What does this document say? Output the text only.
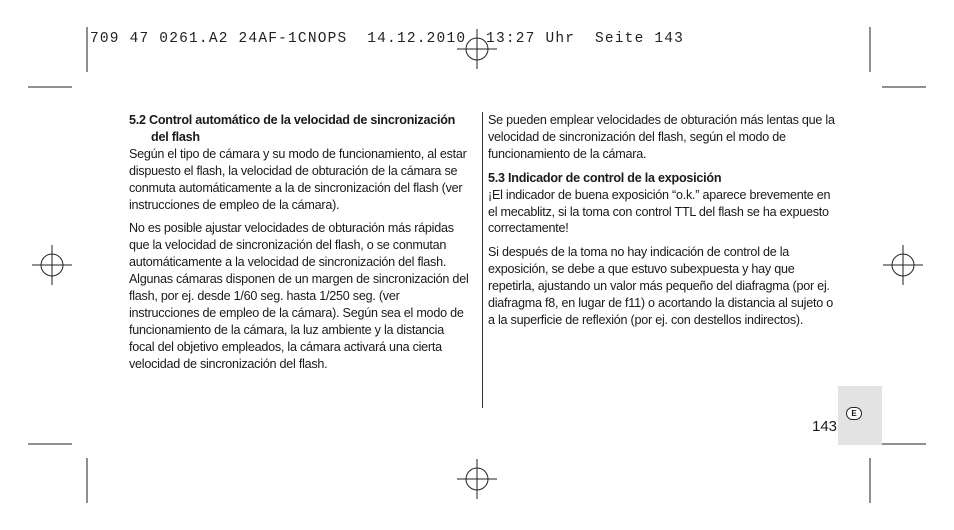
709 47 0261.A2 24AF-1CNOPS  14.12.2010  13:27 Uhr  Seite 143
5.2 Control automático de la velocidad de sincronización del flash

Según el tipo de cámara y su modo de funcionamiento, al estar dispuesto el flash, la velocidad de obturación de la cámara se conmuta automáticamente a la de sincronización del flash (ver instrucciones de empleo de la cámara).

No es posible ajustar velocidades de obturación más rápidas que la velocidad de sincronización del flash, o se conmutan automáticamente a la velocidad de sincronización del flash. Algunas cámaras disponen de un margen de sincronización del flash, por ej. desde 1/60 seg. hasta 1/250 seg. (ver instrucciones de empleo de la cámara). Según sea el modo de funcionamiento de la cámara, la luz ambiente y la distancia focal del objetivo empleados, la cámara activará una cierta velocidad de sincronización del flash.

Se pueden emplear velocidades de obturación más lentas que la velocidad de sincronización del flash, según el modo de funcionamiento de la cámara.

5.3 Indicador de control de la exposición

¡El indicador de buena exposición “o.k.” aparece brevemente en el mecablitz, si la toma con control TTL del flash se ha expuesto correctamente!

Si después de la toma no hay indicación de control de la exposición, se debe a que estuvo subexpuesta y hay que repetirla, ajustando un valor más pequeño del diafragma (por ej. diafragma f8, en lugar de f11) o acortando la distancia al sujeto o a la superficie de reflexión (por ej. con destellos indirectos).

E
143
